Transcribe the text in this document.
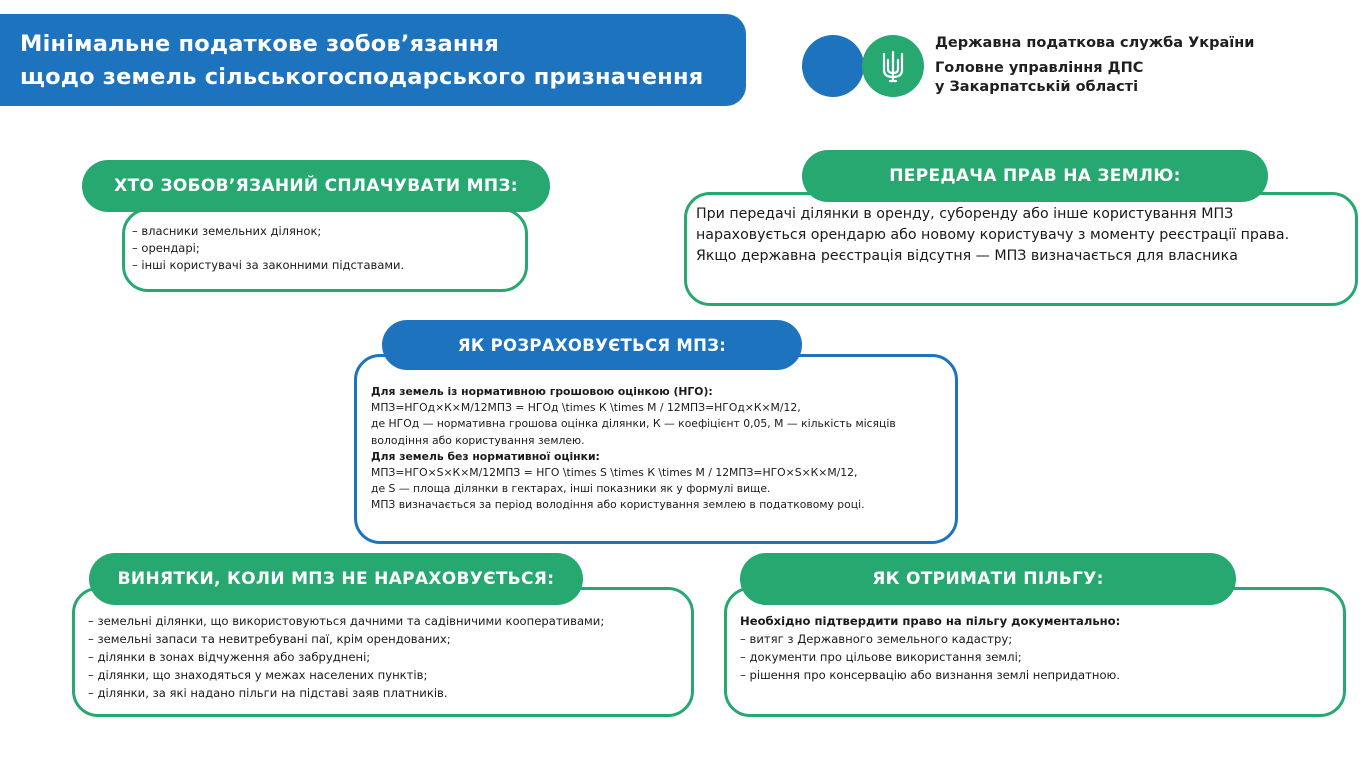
Мінімальне податкове зобов’язання
щодо земель сільськогосподарського призначення
Державна податкова служба України
Головне управління ДПС
у Закарпатській області
ХТО ЗОБОВ’ЯЗАНИЙ СПЛАЧУВАТИ МПЗ:
– власники земельних ділянок;
– орендарі;
– інші користувачі за законними підставами.
ПЕРЕДАЧА ПРАВ НА ЗЕМЛЮ:
При передачі ділянки в оренду, суборенду або інше користування МПЗ
нараховується орендарю або новому користувачу з моменту реєстрації права.
Якщо державна реєстрація відсутня — МПЗ визначається для власника
ЯК РОЗРАХОВУЄТЬСЯ МПЗ:
Для земель із нормативною грошовою оцінкою (НГО):
МПЗ=НГОд×К×М/12МПЗ = НГОд \times К \times М / 12МПЗ=НГОд×К×М/12,
де НГОд — нормативна грошова оцінка ділянки, К — коефіцієнт 0,05, М — кількість місяців
володіння або користування землею.
Для земель без нормативної оцінки:
МПЗ=НГО×S×К×М/12МПЗ = НГО \times S \times К \times М / 12МПЗ=НГО×S×К×М/12,
де S — площа ділянки в гектарах, інші показники як у формулі вище.
МПЗ визначається за період володіння або користування землею в податковому році.
ВИНЯТКИ, КОЛИ МПЗ НЕ НАРАХОВУЄТЬСЯ:
– земельні ділянки, що використовуються дачними та садівничими кооперативами;
– земельні запаси та невитребувані паї, крім орендованих;
– ділянки в зонах відчуження або забруднені;
– ділянки, що знаходяться у межах населених пунктів;
– ділянки, за які надано пільги на підставі заяв платників.
ЯК ОТРИМАТИ ПІЛЬГУ:
Необхідно підтвердити право на пільгу документально:
– витяг з Державного земельного кадастру;
– документи про цільове використання землі;
– рішення про консервацію або визнання землі непридатною.
